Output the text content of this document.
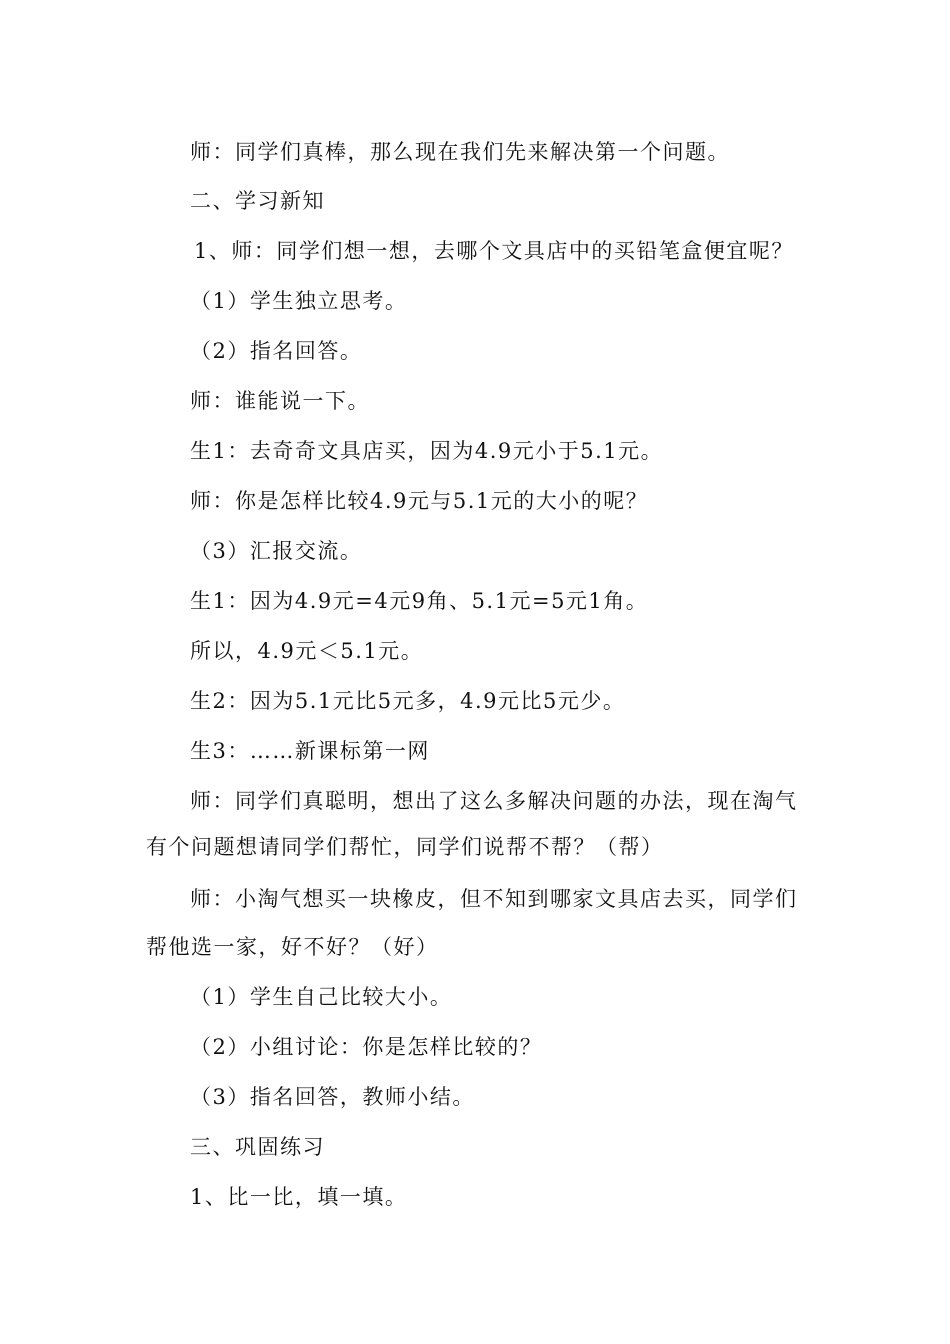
师：同学们真棒，那么现在我们先来解决第一个问题。
二、学习新知
1、师：同学们想一想，去哪个文具店中的买铅笔盒便宜呢？
（1）学生独立思考。
（2）指名回答。
师：谁能说一下。
生1：去奇奇文具店买，因为4.9元小于5.1元。
师：你是怎样比较4.9元与5.1元的大小的呢？
（3）汇报交流。
生1：因为4.9元=4元9角、5.1元=5元1角。
所以，4.9元＜5.1元。
生2：因为5.1元比5元多，4.9元比5元少。
生3：……新课标第一网
师：同学们真聪明，想出了这么多解决问题的办法，现在淘气
有个问题想请同学们帮忙，同学们说帮不帮？（帮）
师：小淘气想买一块橡皮，但不知到哪家文具店去买，同学们
帮他选一家，好不好？（好）
（1）学生自己比较大小。
（2）小组讨论：你是怎样比较的？
（3）指名回答，教师小结。
三、巩固练习
1、比一比，填一填。
